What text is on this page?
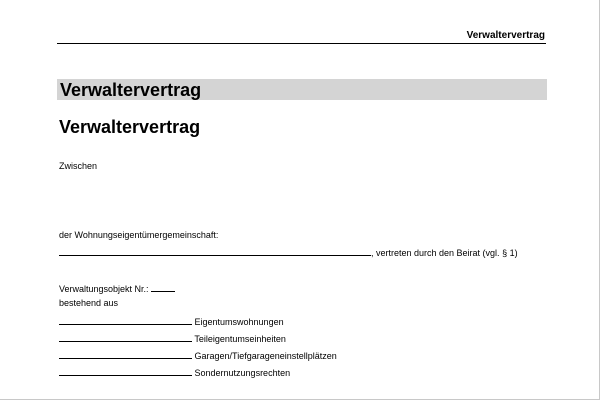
Verwaltervertrag
Verwaltervertrag
Verwaltervertrag
Zwischen
der Wohnungseigentümergemeinschaft:
, vertreten durch den Beirat (vgl. § 1)
Verwaltungsobjekt Nr.:
bestehend aus
Eigentumswohnungen
Teileigentumseinheiten
Garagen/Tiefgarageneinstellplätzen
Sondernutzungsrechten
